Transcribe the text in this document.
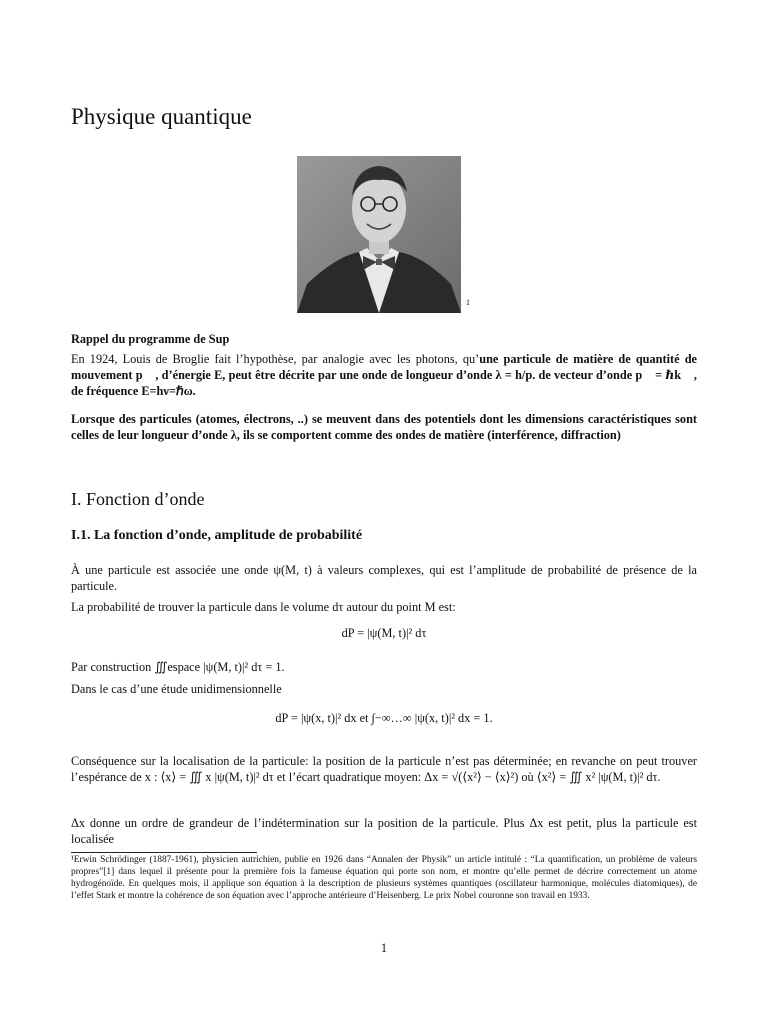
Physique quantique
1
Rappel du programme de Sup
En 1924, Louis de Broglie fait l’hypothèse, par analogie avec les photons, qu’une particule de matière de quantité de mouvement p⃗ , d’énergie E, peut être décrite par une onde de longueur d’onde λ = h/p. de vecteur d’onde p⃗ = ℏk⃗ , de fréquence E=hν=ℏω.
Lorsque des particules (atomes, électrons, ..) se meuvent dans des potentiels dont les dimensions caractéristiques sont celles de leur longueur d’onde λ, ils se comportent comme des ondes de matière (interférence, diffraction)
I. Fonction d’onde
I.1. La fonction d’onde, amplitude de probabilité
À une particule est associée une onde ψ(M, t) à valeurs complexes, qui est l’amplitude de probabilité de présence de la particule.
La probabilité de trouver la particule dans le volume dτ autour du point M est:
dP = |ψ(M, t)|² dτ
Par construction ∭espace |ψ(M, t)|² dτ = 1.
Dans le cas d’une étude unidimensionnelle
dP = |ψ(x, t)|² dx et ∫−∞…∞ |ψ(x, t)|² dx = 1.
Conséquence sur la localisation de la particule: la position de la particule n’est pas déterminée; en revanche on peut trouver l’espérance de x : ⟨x⟩ = ∭ x |ψ(M, t)|² dτ et l’écart quadratique moyen: Δx = √(⟨x²⟩ − ⟨x⟩²) où ⟨x²⟩ = ∭ x² |ψ(M, t)|² dτ.
Δx donne un ordre de grandeur de l’indétermination sur la position de la particule. Plus Δx est petit, plus la particule est localisée
¹Erwin Schrödinger (1887-1961), physicien autrichien, publie en 1926 dans “Annalen der Physik” un article intitulé : “La quantification, un problème de valeurs propres”[1] dans lequel il présente pour la première fois la fameuse équation qui porte son nom, et montre qu’elle permet de décrire correctement un atome hydrogénoïde. En quelques mois, il applique son équation à la description de plusieurs systèmes quantiques (oscillateur harmonique, molécules diatomiques), de l’effet Stark et montre la cohérence de son équation avec l’approche antérieure d’Heisenberg. Le prix Nobel couronne son travail en 1933.
1
